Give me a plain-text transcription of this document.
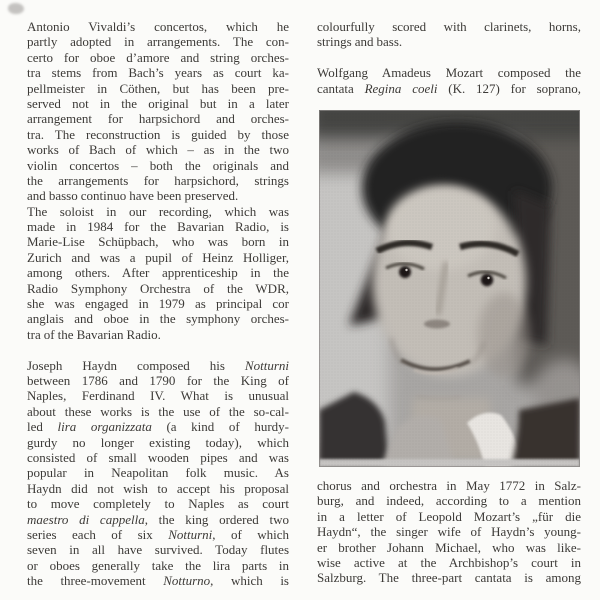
Antonio Vivaldi’s concertos, which he
partly adopted in arrangements. The con-
certo for oboe d’amore and string orches-
tra stems from Bach’s years as court ka-
pellmeister in Cöthen, but has been pre-
served not in the original but in a later
arrangement for harpsichord and orches-
tra. The reconstruction is guided by those
works of Bach of which – as in the two
violin concertos – both the originals and
the arrangements for harpsichord, strings
and basso continuo have been preserved.
The soloist in our recording, which was
made in 1984 for the Bavarian Radio, is
Marie-Lise Schüpbach, who was born in
Zurich and was a pupil of Heinz Holliger,
among others. After apprenticeship in the
Radio Symphony Orchestra of the WDR,
she was engaged in 1979 as principal cor
anglais and oboe in the symphony orches-
tra of the Bavarian Radio.
Joseph Haydn composed his Notturni
between 1786 and 1790 for the King of
Naples, Ferdinand IV. What is unusual
about these works is the use of the so-cal-
led lira organizzata (a kind of hurdy-
gurdy no longer existing today), which
consisted of small wooden pipes and was
popular in Neapolitan folk music. As
Haydn did not wish to accept his proposal
to move completely to Naples as court
maestro di cappella, the king ordered two
series each of six Notturni, of which
seven in all have survived. Today flutes
or oboes generally take the lira parts in
the three-movement Notturno, which is
colourfully scored with clarinets, horns,
strings and bass.
Wolfgang Amadeus Mozart composed the
cantata Regina coeli (K. 127) for soprano,
chorus and orchestra in May 1772 in Salz-
burg, and indeed, according to a mention
in a letter of Leopold Mozart’s „für die
Haydn“, the singer wife of Haydn’s young-
er brother Johann Michael, who was like-
wise active at the Archbishop’s court in
Salzburg. The three-part cantata is among
